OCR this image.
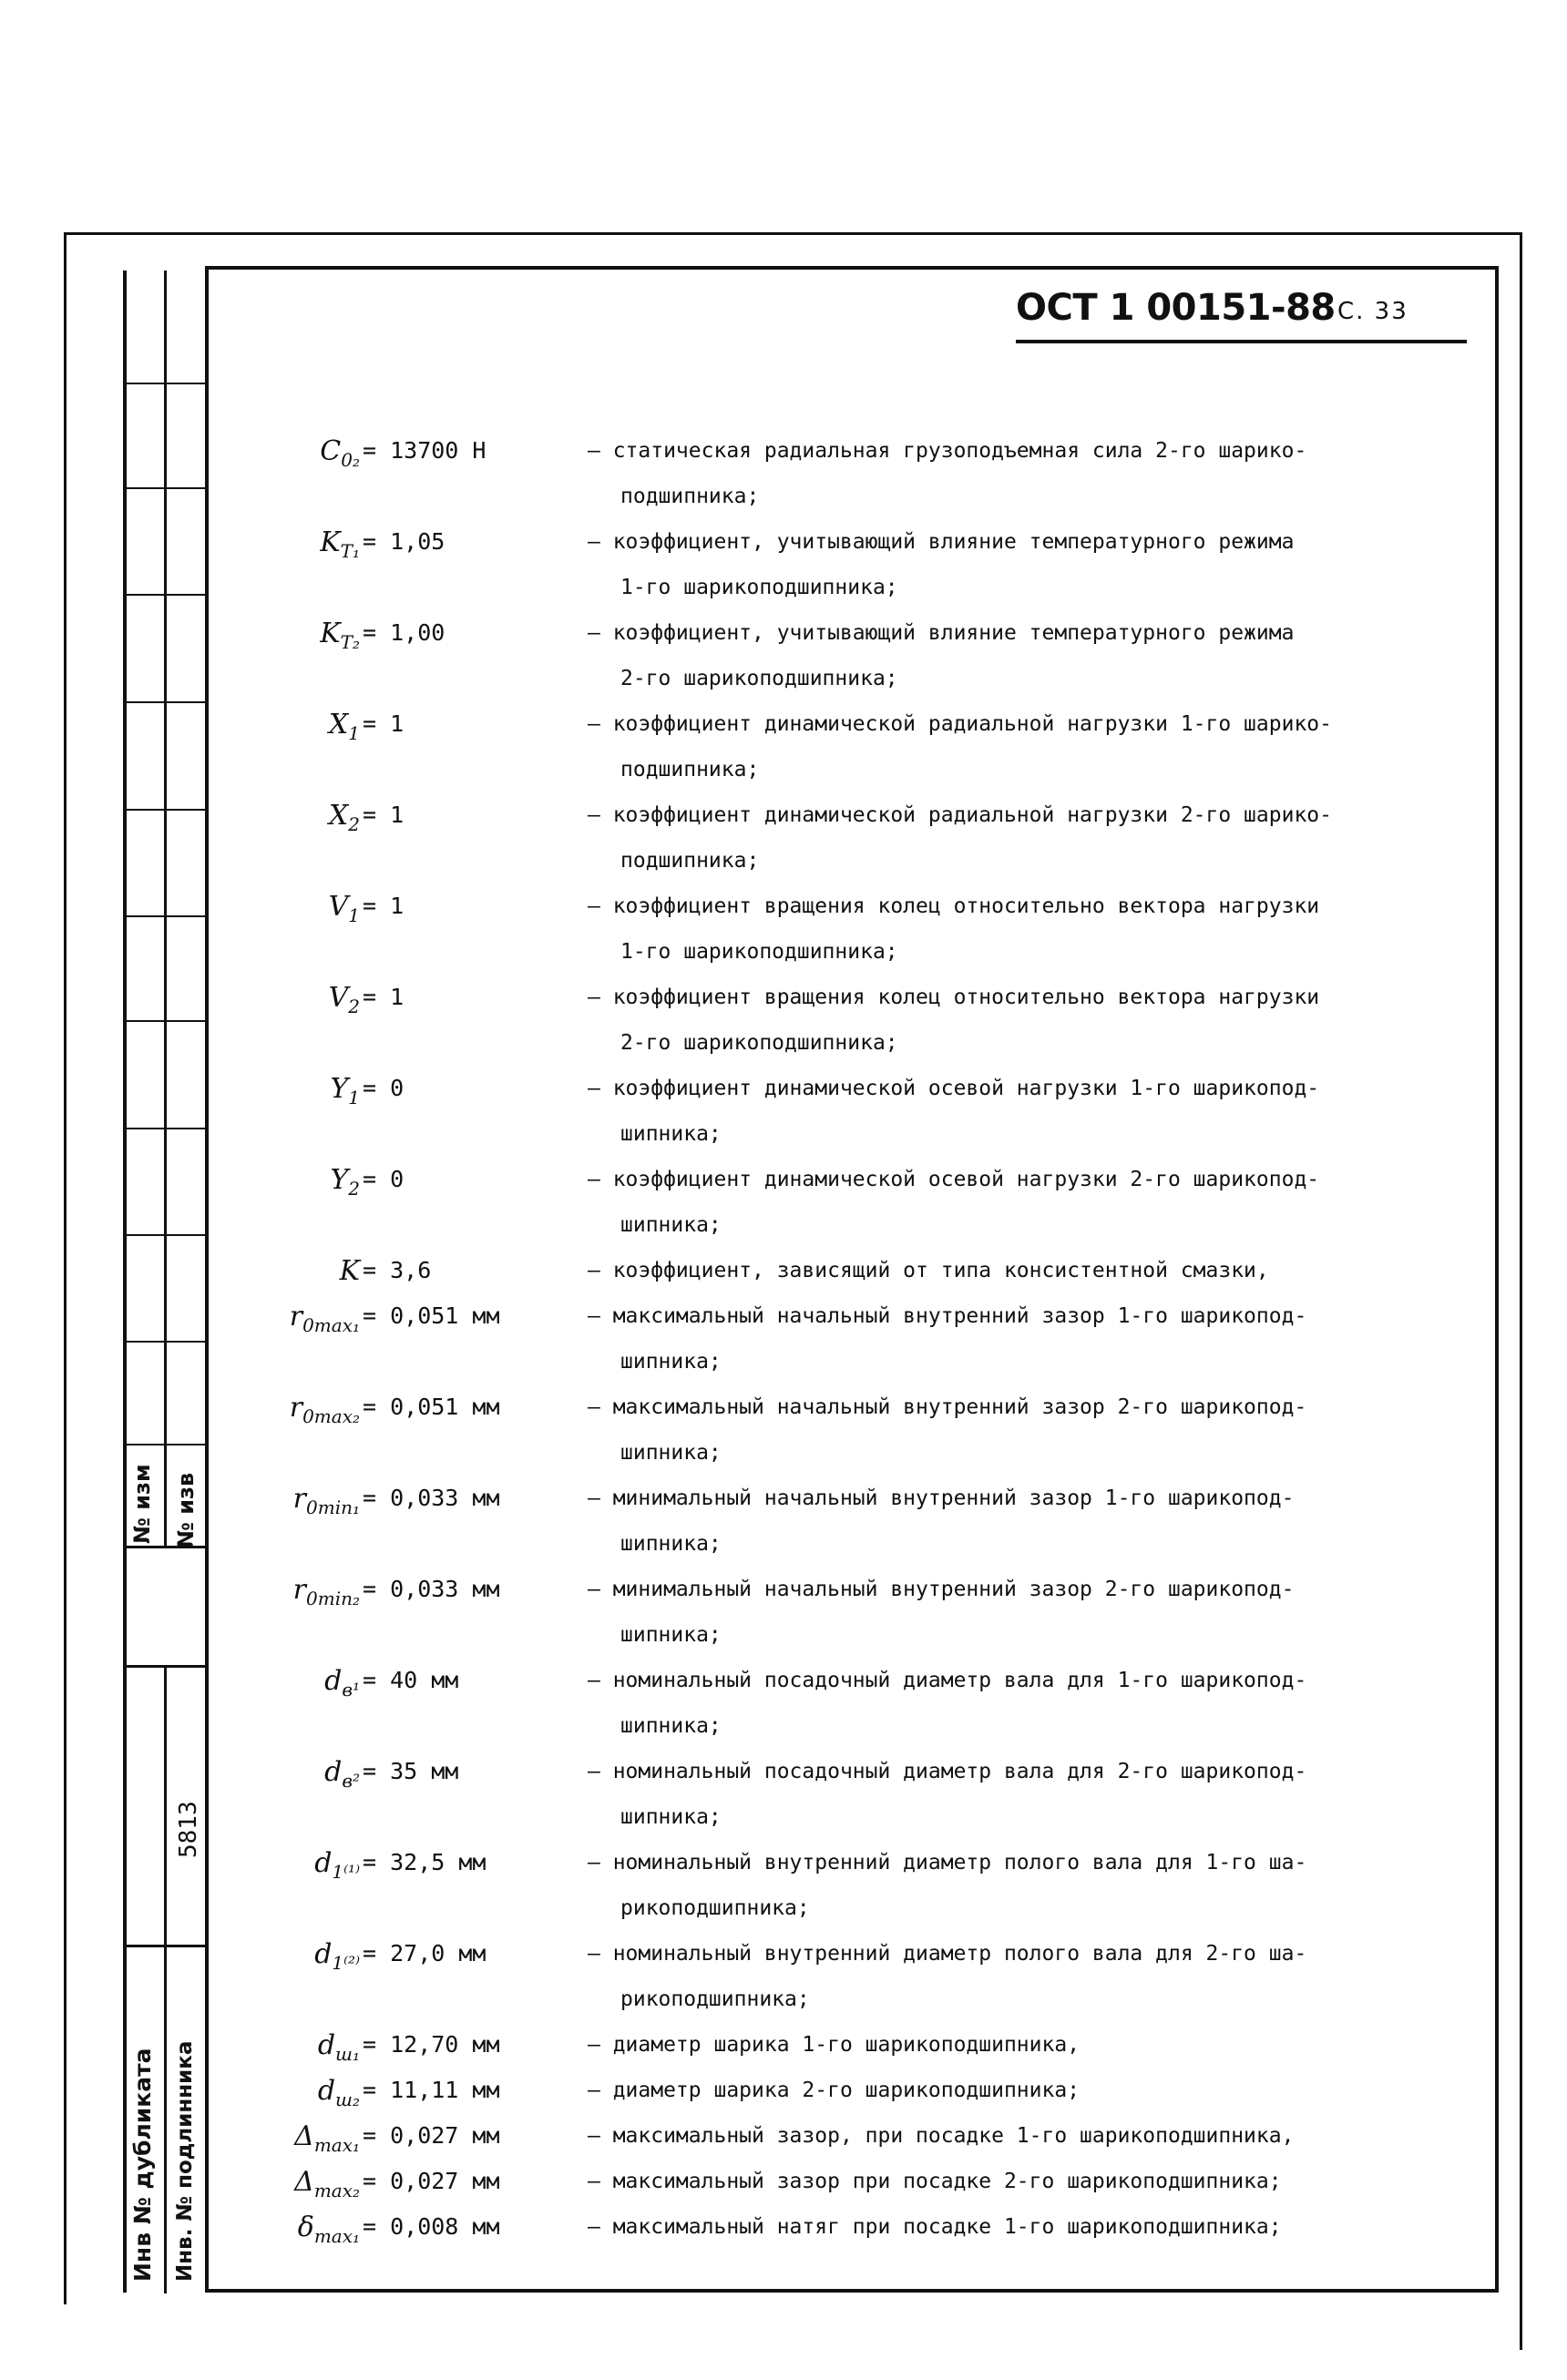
№ изм № изв
Инв № дубликата Инв. № подлинника
5813
ОСТ 1 00151-88 С. 33
$C_{0_2} = 13700$ Н	– статическая радиальная грузоподъемная сила 2-го шарико-
подшипника;
$K_{T_1} = 1,05$	– коэффициент, учитывающий влияние температурного режима
1-го шарикоподшипника;
$K_{T_2} = 1,00$	– коэффициент, учитывающий влияние температурного режима
2-го шарикоподшипника;
$X_1 = 1$	– коэффициент динамической радиальной нагрузки 1-го шарико-
подшипника;
$X_2 = 1$	– коэффициент динамической радиальной нагрузки 2-го шарико-
подшипника;
$V_1 = 1$	– коэффициент вращения колец относительно вектора нагрузки
1-го шарикоподшипника;
$V_2 = 1$	– коэффициент вращения колец относительно вектора нагрузки
2-го шарикоподшипника;
$Y_1 = 0$	– коэффициент динамической осевой нагрузки 1-го шарикопод-
шипника;
$Y_2 = 0$	– коэффициент динамической осевой нагрузки 2-го шарикопод-
шипника;
K = 3,6	– коэффициент, зависящий от типа консистентной смазки,
$r_{0max_1} = 0,051$ мм	– максимальный начальный внутренний зазор 1-го шарикопод-
шипника;
$r_{0max_2} = 0,051$ мм	– максимальный начальный внутренний зазор 2-го шарикопод-
шипника;
$r_{0min_1} = 0,033$ мм	– минимальный начальный внутренний зазор 1-го шарикопод-
шипника;
$r_{0min_2} = 0,033$ мм	– минимальный начальный внутренний зазор 2-го шарикопод-
шипника;
$d_{в^1} = 40$ мм	– номинальный посадочный диаметр вала для 1-го шарикопод-
шипника;
$d_{в^2} = 35$ мм	– номинальный посадочный диаметр вала для 2-го шарикопод-
шипника;
$d_{1^{(1)}} = 32,5$ мм	– номинальный внутренний диаметр полого вала для 1-го ша-
рикоподшипника;
$d_{1^{(2)}} = 27,0$ мм	– номинальный внутренний диаметр полого вала для 2-го ша-
рикоподшипника;
$d_{ш_1} = 12,70$ мм	– диаметр шарика 1-го шарикоподшипника,
$d_{ш_2} = 11,11$ мм	– диаметр шарика 2-го шарикоподшипника;
$\Delta_{max_1} = 0,027$ мм	– максимальный зазор, при посадке 1-го шарикоподшипника,
$\Delta_{max_2} = 0,027$ мм	– максимальный зазор при посадке 2-го шарикоподшипника;
$\delta_{max_1} = 0,008$ мм	– максимальный натяг при посадке 1-го шарикоподшипника;
